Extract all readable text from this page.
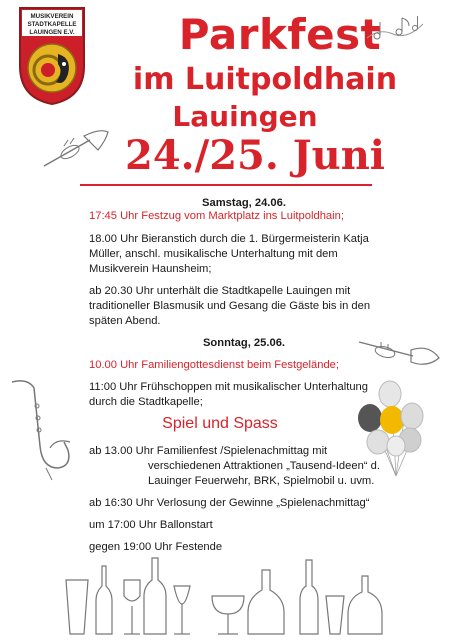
MUSIKVEREIN
STADTKAPELLE
LAUINGEN E.V.	Parkfest
im Luitpoldhain
Lauingen
24./25. Juni
Samstag, 24.06.
17:45 Uhr Festzug vom Marktplatz ins Luitpoldhain;
18.00 Uhr Bieranstich durch die 1. Bürgermeisterin Katja Müller, anschl. musikalische Unterhaltung mit dem Musikverein Haunsheim;
ab 20.30 Uhr unterhält die Stadtkapelle Lauingen mit traditioneller Blasmusik und Gesang die Gäste bis in den späten Abend.
Sonntag, 25.06.
10.00 Uhr Familiengottesdienst beim Festgelände;
11:00 Uhr Frühschoppen mit musikalischer Unterhaltung durch die Stadtkapelle;
Spiel und Spass
ab 13.00 Uhr Familienfest /Spielenachmittag mit
verschiedenen Attraktionen „Tausend-Ideen“ d.
Lauinger Feuerwehr, BRK, Spielmobil u. uvm.
ab 16:30 Uhr Verlosung der Gewinne „Spielenachmittag“
um 17:00 Uhr Ballonstart
gegen 19:00 Uhr Festende
